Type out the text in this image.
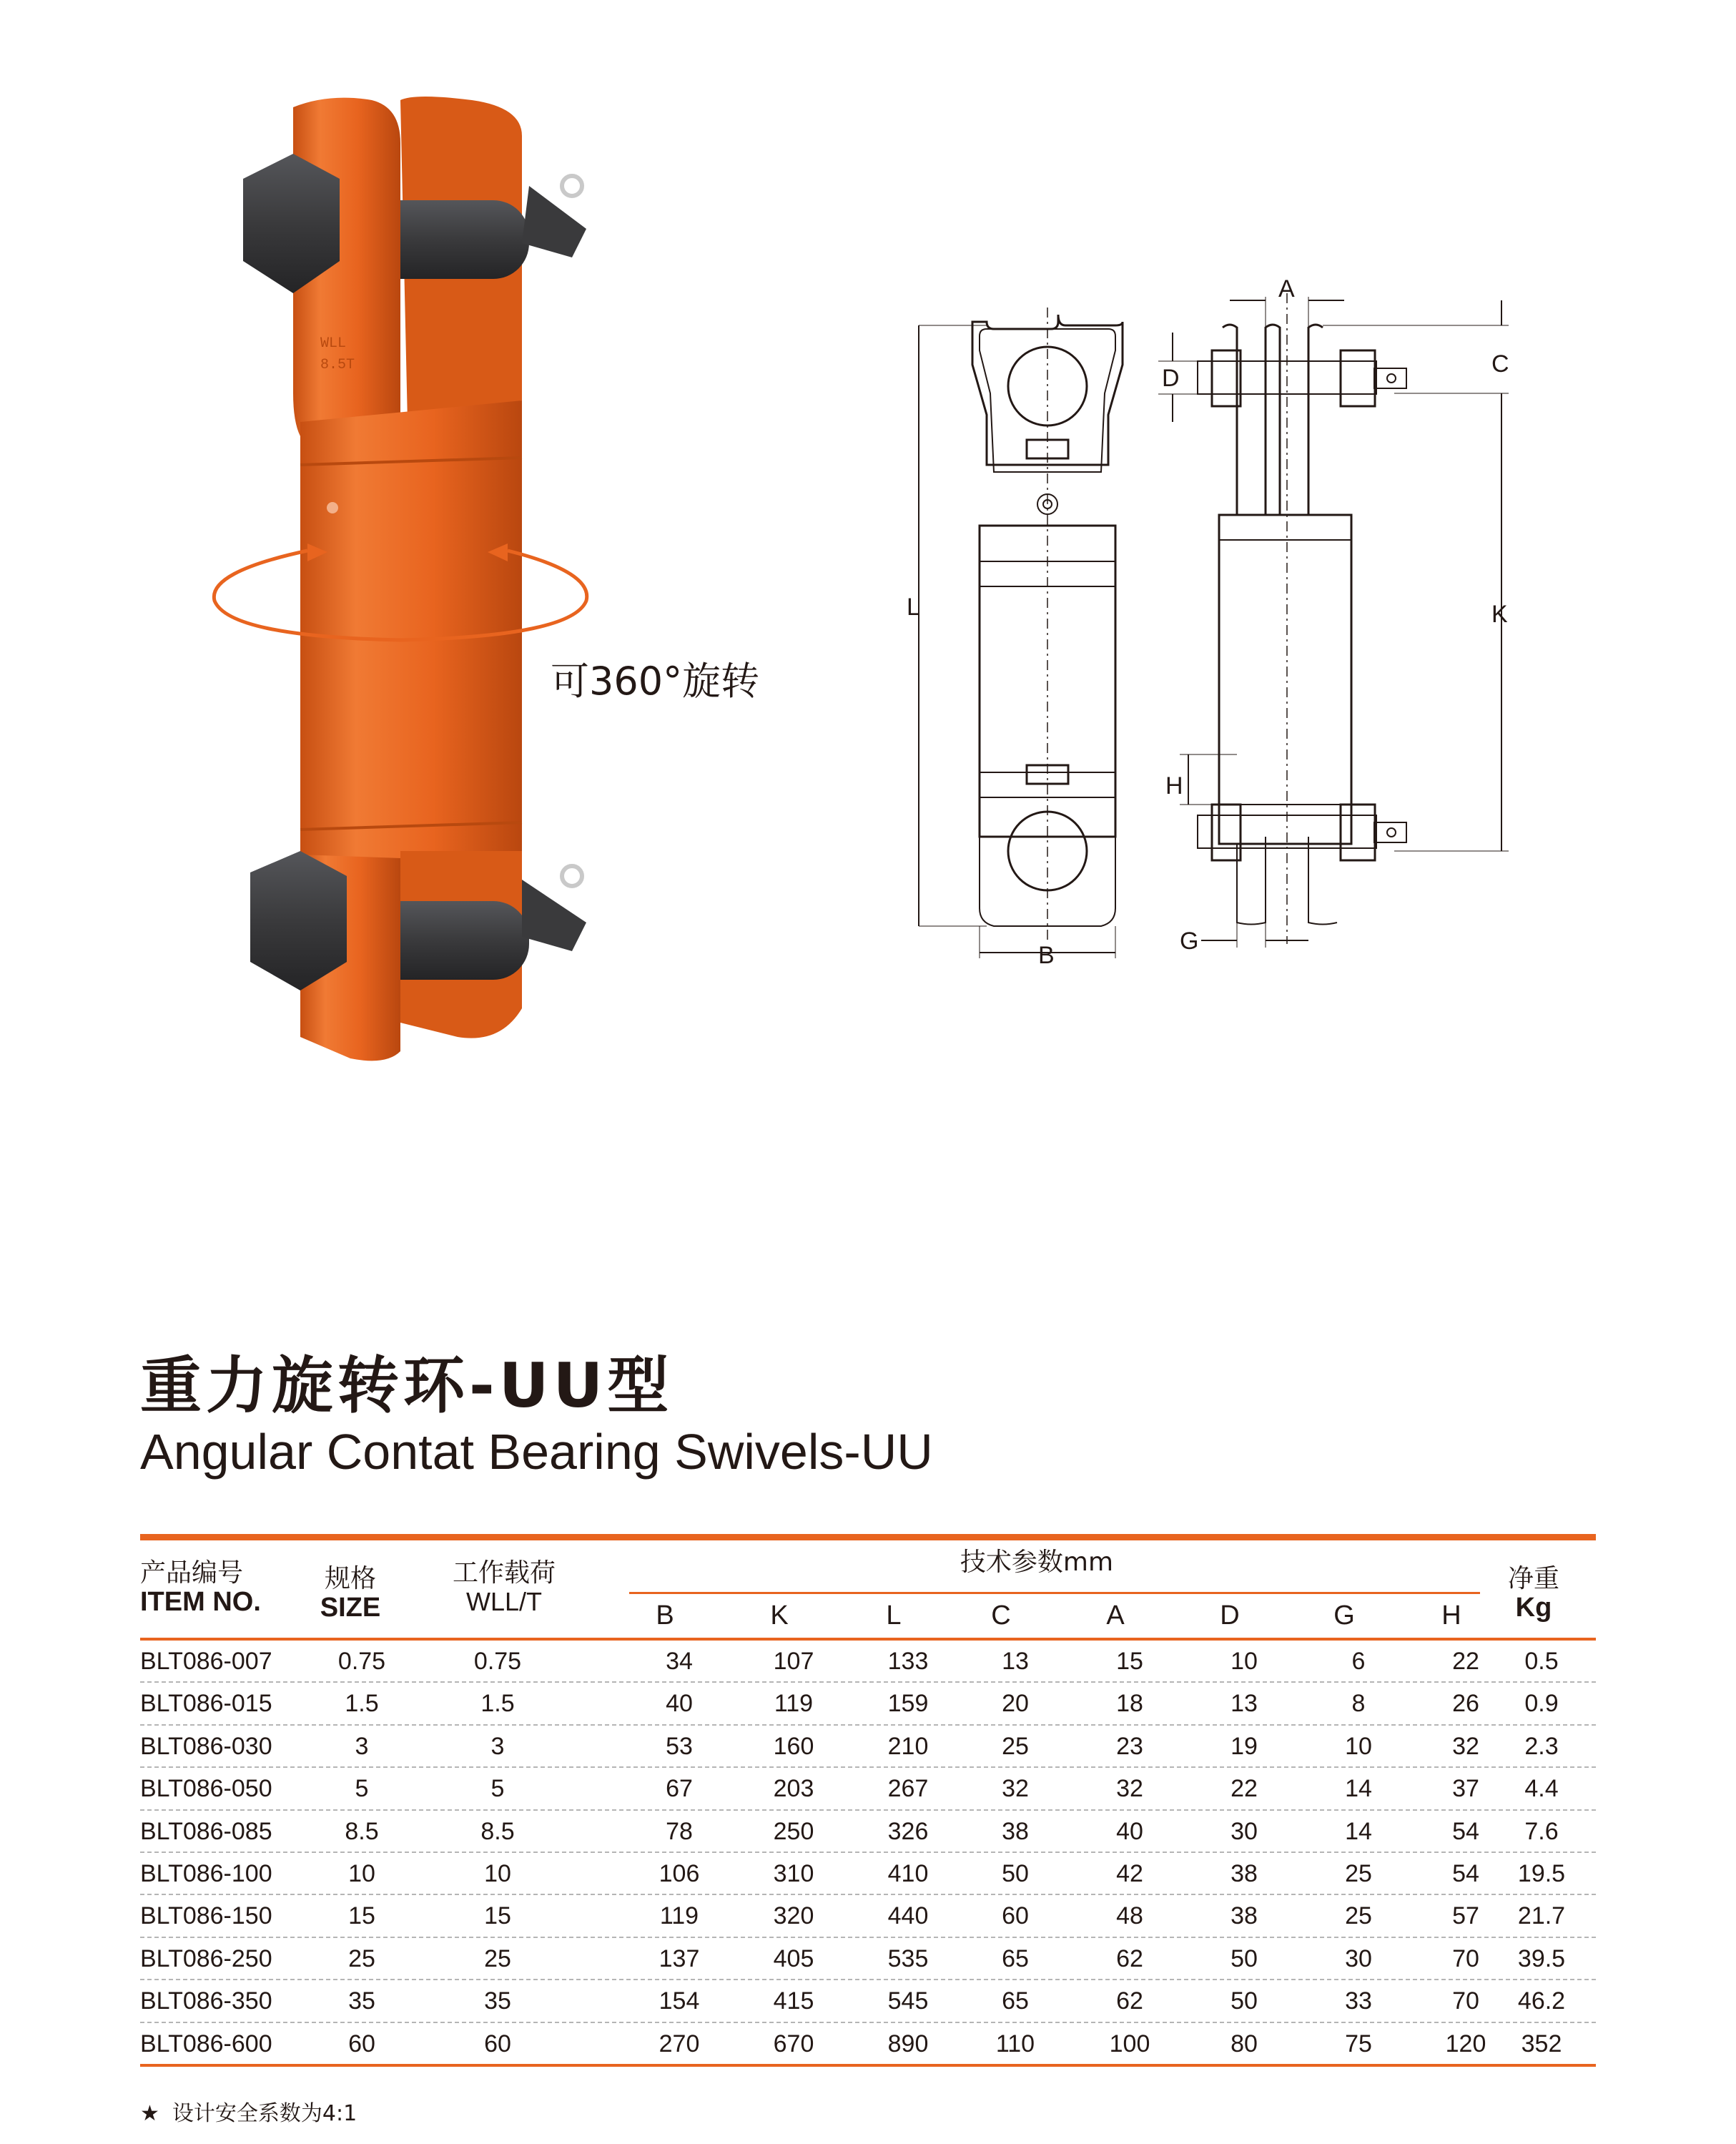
WLL
8.5T
可360°旋转
L
B
A
C
D
K
H
G
重力旋转环-UU型
Angular Contat Bearing Swivels-UU
产品编号
ITEM NO.
规格
SIZE
工作载荷
WLL/T
技术参数mm
净重
Kg
B	K	L	C	A	D	G	H
BLT086-007	0.75	0.75	34	107	133	13	15	10	6	22	0.5
BLT086-015	1.5	1.5	40	119	159	20	18	13	8	26	0.9
BLT086-030	3	3	53	160	210	25	23	19	10	32	2.3
BLT086-050	5	5	67	203	267	32	32	22	14	37	4.4
BLT086-085	8.5	8.5	78	250	326	38	40	30	14	54	7.6
BLT086-100	10	10	106	310	410	50	42	38	25	54	19.5
BLT086-150	15	15	119	320	440	60	48	38	25	57	21.7
BLT086-250	25	25	137	405	535	65	62	50	30	70	39.5
BLT086-350	35	35	154	415	545	65	62	50	33	70	46.2
BLT086-600	60	60	270	670	890	110	100	80	75	120	352
★ 设计安全系数为4:1
